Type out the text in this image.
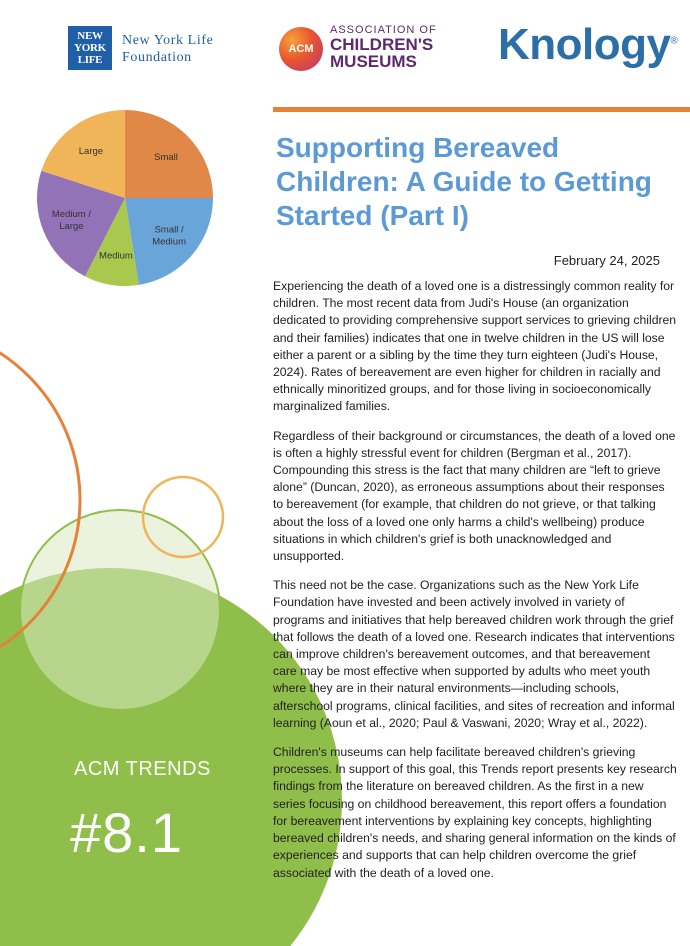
Small
Small / Medium
Medium
Medium / Large
Large
NEW
YORK
LIFE
New York Life
Foundation
ACM
ASSOCIATION OF
CHILDREN'S
MUSEUMS Knology®
Supporting Bereaved Children: A Guide to Getting Started (Part I)
February 24, 2025

Experiencing the death of a loved one is a distressingly common reality for children. The most recent data from Judi's House (an organization dedicated to providing comprehensive support services to grieving children and their families) indicates that one in twelve children in the US will lose either a parent or a sibling by the time they turn eighteen (Judi's House, 2024). Rates of bereavement are even higher for children in racially and ethnically minoritized groups, and for those living in socioeconomically marginalized families.

Regardless of their background or circumstances, the death of a loved one is often a highly stressful event for children (Bergman et al., 2017). Compounding this stress is the fact that many children are “left to grieve alone” (Duncan, 2020), as erroneous assumptions about their responses to bereavement (for example, that children do not grieve, or that talking about the loss of a loved one only harms a child's wellbeing) produce situations in which children's grief is both unacknowledged and unsupported.

This need not be the case. Organizations such as the New York Life Foundation have invested and been actively involved in variety of programs and initiatives that help bereaved children work through the grief that follows the death of a loved one. Research indicates that interventions can improve children's bereavement outcomes, and that bereavement care may be most effective when supported by adults who meet youth where they are in their natural environments—including schools, afterschool programs, clinical facilities, and sites of recreation and informal learning (Aoun et al., 2020; Paul & Vaswani, 2020; Wray et al., 2022).

Children's museums can help facilitate bereaved children's grieving processes. In support of this goal, this Trends report presents key research findings from the literature on bereaved children. As the first in a new series focusing on childhood bereavement, this report offers a foundation for bereavement interventions by explaining key concepts, highlighting bereaved children's needs, and sharing general information on the kinds of experiences and supports that can help children overcome the grief associated with the death of a loved one.

ACM TRENDS
#8.1
